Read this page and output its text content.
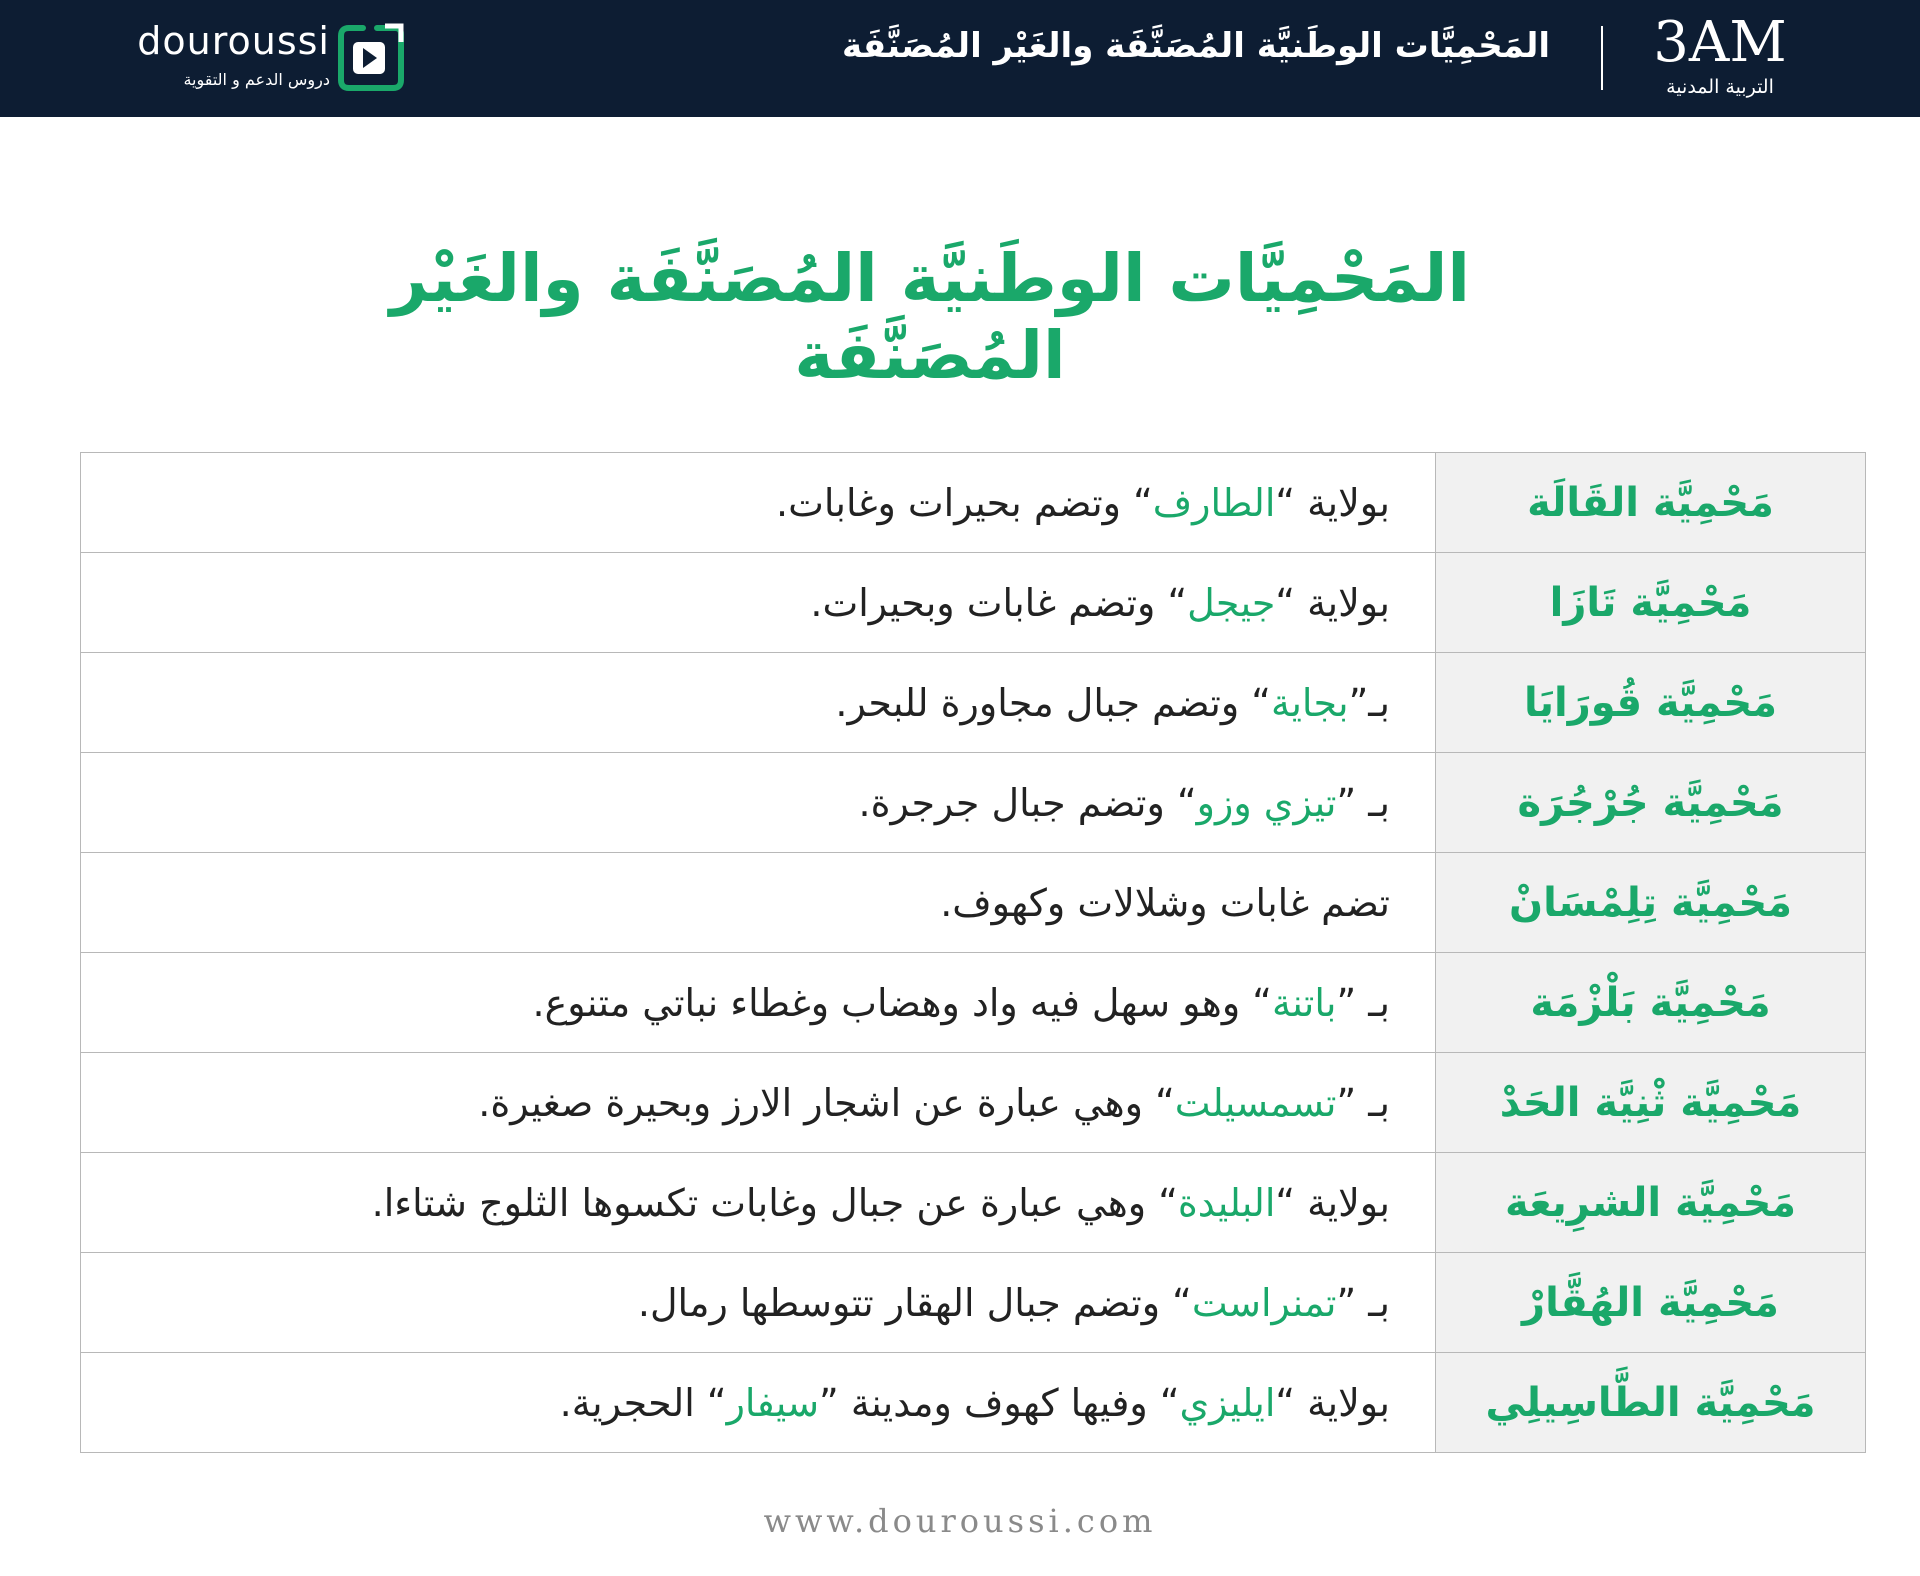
douroussi
دروس الدعم و التقوية
المَحْمِيَّات الوطَنيَّة المُصَنَّفَة والغَيْر المُصَنَّفَة 3AM
التربية المدنية
المَحْمِيَّات الوطَنيَّة المُصَنَّفَة والغَيْر المُصَنَّفَة
مَحْمِيَّة القَالَة	بولاية “الطارف“ وتضم بحيرات وغابات.
مَحْمِيَّة تَازَا	بولاية “جيجل“ وتضم غابات وبحيرات.
مَحْمِيَّة قُورَايَا	بـ”بجاية“ وتضم جبال مجاورة للبحر.
مَحْمِيَّة جُرْجُرَة	بـ ”تيزي وزو“ وتضم جبال جرجرة.
مَحْمِيَّة تِلِمْسَانْ	تضم غابات وشلالات وكهوف.
مَحْمِيَّة بَلْزْمَة	بـ ”باتنة“ وهو سهل فيه واد وهضاب وغطاء نباتي متنوع.
مَحْمِيَّة ثْنِيَّة الحَدْ	بـ ”تسمسيلت“ وهي عبارة عن اشجار الارز وبحيرة صغيرة.
مَحْمِيَّة الشرِيعَة	بولاية “البليدة“ وهي عبارة عن جبال وغابات تكسوها الثلوج شتاءا.
مَحْمِيَّة الهُقَّارْ	بـ ”تمنراست“ وتضم جبال الهقار تتوسطها رمال.
مَحْمِيَّة الطَّاسِيلِي	بولاية “ايليزي“ وفيها كهوف ومدينة ”سيفار“ الحجرية.
www.douroussi.com
